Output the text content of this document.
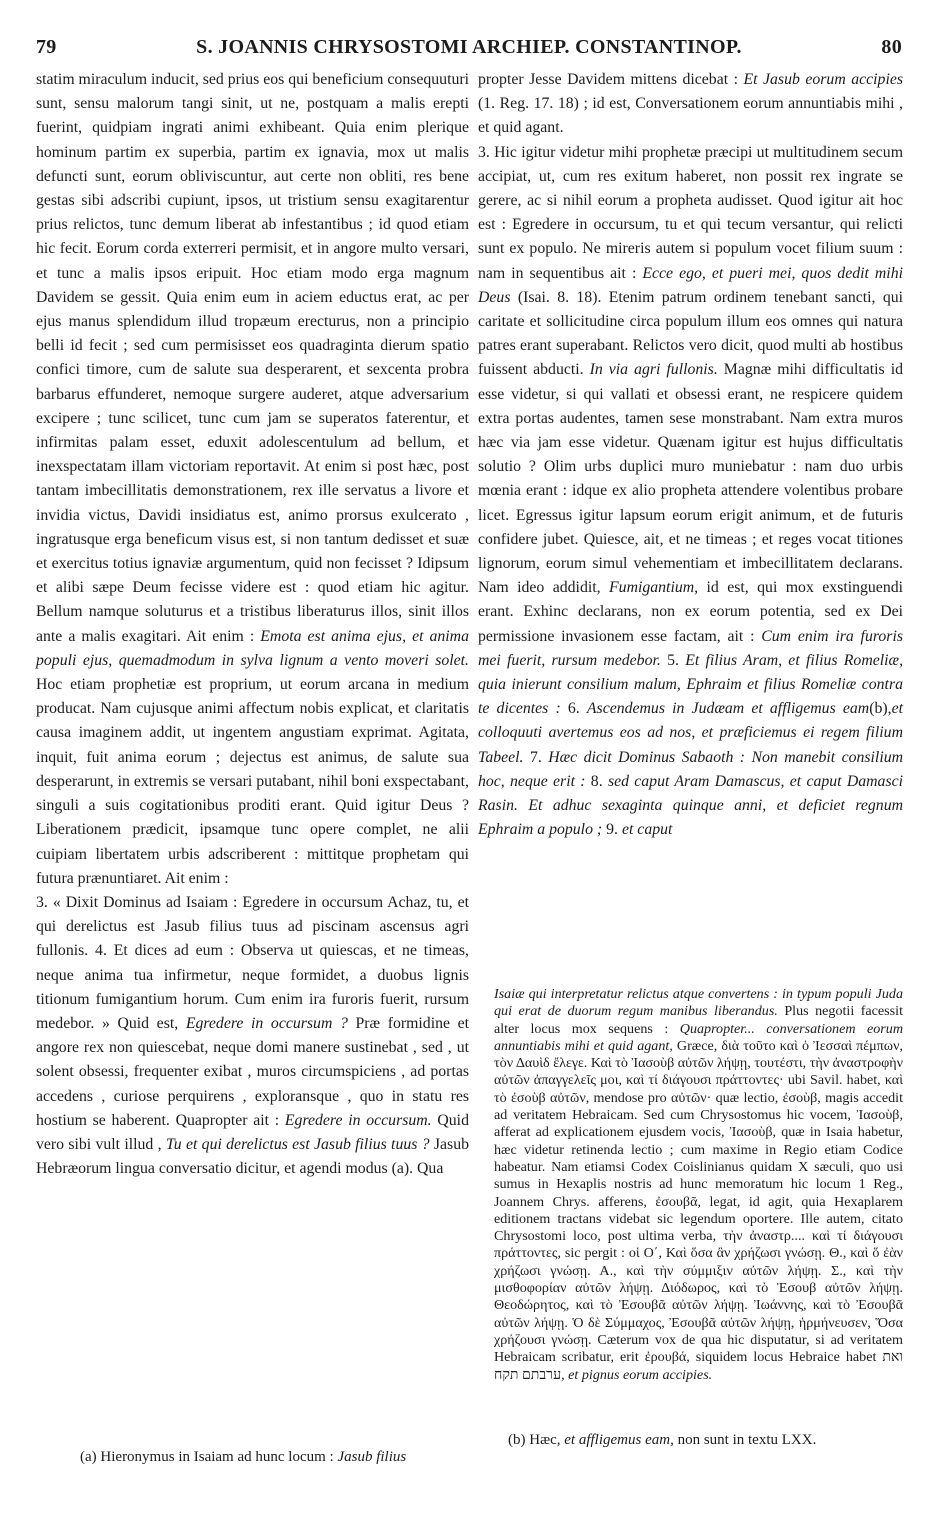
79	S. JOANNIS CHRYSOSTOMI ARCHIEP. CONSTANTINOP.	80

statim miraculum inducit, sed prius eos qui beneficium consequuturi sunt, sensu malorum tangi sinit, ut ne, postquam a malis erepti fuerint, quidpiam ingrati animi exhibeant. Quia enim plerique hominum partim ex superbia, partim ex ignavia, mox ut malis defuncti sunt, eorum obliviscuntur, aut certe non obliti, res bene gestas sibi adscribi cupiunt, ipsos, ut tristium sensu exagitarentur prius relictos, tunc demum liberat ab infestantibus ; id quod etiam hic fecit. Eorum corda exterreri permisit, et in angore multo versari, et tunc a malis ipsos eripuit. Hoc etiam modo erga magnum Davidem se gessit. Quia enim eum in aciem eductus erat, ac per ejus manus splendidum illud tropæum erecturus, non a principio belli id fecit ; sed cum permisisset eos quadraginta dierum spatio confici timore, cum de salute sua desperarent, et sexcenta probra barbarus effunderet, nemoque surgere auderet, atque adversarium excipere ; tunc scilicet, tunc cum jam se superatos faterentur, et infirmitas palam esset, eduxit adolescentulum ad bellum, et inexspectatam illam victoriam reportavit. At enim si post hæc, post tantam imbecillitatis demonstrationem, rex ille servatus a livore et invidia victus, Davidi insidiatus est, animo prorsus exulcerato , ingratusque erga beneficum visus est, si non tantum dedisset et suæ et exercitus totius ignaviæ argumentum, quid non fecisset ? Idipsum et alibi sæpe Deum fecisse videre est : quod etiam hic agitur. Bellum namque soluturus et a tristibus liberaturus illos, sinit illos ante a malis exagitari. Ait enim : Emota est anima ejus, et anima populi ejus, quemadmodum in sylva lignum a vento moveri solet. Hoc etiam prophetiæ est proprium, ut eorum arcana in medium producat. Nam cujusque animi affectum nobis explicat, et claritatis causa imaginem addit, ut ingentem angustiam exprimat. Agitata, inquit, fuit anima eorum ; dejectus est animus, de salute sua desperarunt, in extremis se versari putabant, nihil boni exspectabant, singuli a suis cogitationibus proditi erant. Quid igitur Deus ? Liberationem prædicit, ipsamque tunc opere complet, ne alii cuipiam libertatem urbis adscriberent : mittitque prophetam qui futura prænuntiaret. Ait enim :

3. « Dixit Dominus ad Isaiam : Egredere in occursum Achaz, tu, et qui derelictus est Jasub filius tuus ad piscinam ascensus agri fullonis. 4. Et dices ad eum : Observa ut quiescas, et ne timeas, neque anima tua infirmetur, neque formidet, a duobus lignis titionum fumigantium horum. Cum enim ira furoris fuerit, rursum medebor. » Quid est, Egredere in occursum ? Præ formidine et angore rex non quiescebat, neque domi manere sustinebat , sed , ut solent obsessi, frequenter exibat , muros circumspiciens , ad portas accedens , curiose perquirens , exploransque , quo in statu res hostium se haberent. Quapropter ait : Egredere in occursum. Quid vero sibi vult illud , Tu et qui derelictus est Jasub filius tuus ? Jasub Hebræorum lingua conversatio dicitur, et agendi modus (a). Qua

propter Jesse Davidem mittens dicebat : Et Jasub eorum accipies (1. Reg. 17. 18) ; id est, Conversationem eorum annuntiabis mihi , et quid agant.

3. Hic igitur videtur mihi prophetæ præcipi ut multitudinem secum accipiat, ut, cum res exitum haberet, non possit rex ingrate se gerere, ac si nihil eorum a propheta audisset. Quod igitur ait hoc est : Egredere in occursum, tu et qui tecum versantur, qui relicti sunt ex populo. Ne mireris autem si populum vocet filium suum : nam in sequentibus ait : Ecce ego, et pueri mei, quos dedit mihi Deus (Isai. 8. 18). Etenim patrum ordinem tenebant sancti, qui caritate et sollicitudine circa populum illum eos omnes qui natura patres erant superabant. Relictos vero dicit, quod multi ab hostibus fuissent abducti. In via agri fullonis. Magnæ mihi difficultatis id esse videtur, si qui vallati et obsessi erant, ne respicere quidem extra portas audentes, tamen sese monstrabant. Nam extra muros hæc via jam esse videtur. Quænam igitur est hujus difficultatis solutio ? Olim urbs duplici muro muniebatur : nam duo urbis mœnia erant : idque ex alio propheta attendere volentibus probare licet. Egressus igitur lapsum eorum erigit animum, et de futuris confidere jubet. Quiesce, ait, et ne timeas ; et reges vocat titiones lignorum, eorum simul vehementiam et imbecillitatem declarans. Nam ideo addidit, Fumigantium, id est, qui mox exstinguendi erant. Exhinc declarans, non ex eorum potentia, sed ex Dei permissione invasionem esse factam, ait : Cum enim ira furoris mei fuerit, rursum medebor. 5. Et filius Aram, et filius Romeliæ, quia inierunt consilium malum, Ephraim et filius Romeliæ contra te dicentes : 6. Ascendemus in Judæam et affligemus eam(b),et colloquuti avertemus eos ad nos, et præficiemus ei regem filium Tabeel. 7. Hæc dicit Dominus Sabaoth : Non manebit consilium hoc, neque erit : 8. sed caput Aram Damascus, et caput Damasci Rasin. Et adhuc sexaginta quinque anni, et deficiet regnum Ephraim a populo ; 9. et caput

Isaiæ qui interpretatur relictus atque convertens : in typum populi Juda qui erat de duorum regum manibus liberandus. Plus negotii facessit alter locus mox sequens : Quapropter... conversationem eorum annuntiabis mihi et quid agant, Græce, διὰ τοῦτο καὶ ὁ Ἰεσσαὶ πέμπων, τὸν Δαυὶδ ἔλεγε. Καὶ τὸ Ἰασοὺβ αὐτῶν λήψῃ, τουτέστι, τὴν ἀναστροφὴν αὐτῶν ἀπαγγελεῖς μοι, καὶ τί διάγουσι πράττοντες· ubi Savil. habet, καὶ τὸ ἐσοὺβ αὐτῶν, mendose pro αὐτῶν· quæ lectio, ἐσοὺβ, magis accedit ad veritatem Hebraicam. Sed cum Chrysostomus hic vocem, Ἰασοὺβ, afferat ad explicationem ejusdem vocis, Ἰασοὺβ, quæ in Isaia habetur, hæc videtur retinenda lectio ; cum maxime in Regio etiam Codice habeatur. Nam etiamsi Codex Coislinianus quidam X sæculi, quo usi sumus in Hexaplis nostris ad hunc memoratum hic locum 1 Reg., Joannem Chrys. afferens, ἐσουβᾶ, legat, id agit, quia Hexaplarem editionem tractans videbat sic legendum oportere. Ille autem, citato Chrysostomi loco, post ultima verba, τὴν ἀναστρ.... καὶ τί διάγουσι πράττοντες, sic pergit : οἱ Ο΄, Καὶ ὅσα ἂν χρήζωσι γνώσῃ. Θ., καὶ ὅ ἐὰν χρήζωσι γνώσῃ. Α., καὶ τὴν σύμμιξιν αὐτῶν λήψῃ. Σ., καὶ τὴν μισθοφορίαν αὐτῶν λήψῃ. Διόδωρος, καὶ τὸ Ἐσουβ αὐτῶν λήψῃ. Θεοδώρητος, καὶ τὸ Ἐσουβᾶ αὐτῶν λήψῃ. Ἰωάννης, καὶ τὸ Ἐσουβᾶ αὐτῶν λήψῃ. Ὁ δὲ Σύμμαχος, Ἐσουβᾶ αὐτῶν λήψῃ, ἡρμήνευσεν, Ὅσα χρήζουσι γνώσῃ. Cæterum vox de qua hic disputatur, si ad veritatem Hebraicam scribatur, erit ἐρουβά, siquidem locus Hebraice habet ואת ערבתם תקח, et pignus eorum accipies.

(a) Hieronymus in Isaiam ad hunc locum : Jasub filius

(b) Hæc, et affligemus eam, non sunt in textu LXX.
